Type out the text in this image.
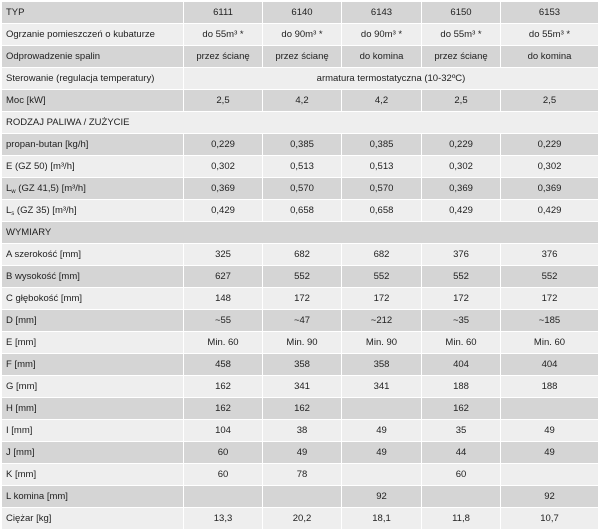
TYP	6111	6140	6143	6150	6153
Ogrzanie pomieszczeń o kubaturze	do 55m³ *	do 90m³ *	do 90m³ *	do 55m³ *	do 55m³ *
Odprowadzenie spalin	przez ścianę	przez ścianę	do komina	przez ścianę	do komina
Sterowanie (regulacja temperatury)	armatura termostatyczna (10-32ºC)				
Moc [kW]	2,5	4,2	4,2	2,5	2,5
RODZAJ PALIWA / ZUŻYCIE					
propan-butan [kg/h]	0,229	0,385	0,385	0,229	0,229
E (GZ 50) [m³/h]	0,302	0,513	0,513	0,302	0,302
$L_w$ (GZ 41,5) [m³/h]	0,369	0,570	0,570	0,369	0,369
$L_s$ (GZ 35) [m³/h]	0,429	0,658	0,658	0,429	0,429
WYMIARY					
A szerokość [mm]	325	682	682	376	376
B wysokość [mm]	627	552	552	552	552
C głębokość [mm]	148	172	172	172	172
D [mm]	~55	~47	~212	~35	~185
E [mm]	Min. 60	Min. 90	Min. 90	Min. 60	Min. 60
F [mm]	458	358	358	404	404
G [mm]	162	341	341	188	188
H [mm]	162	162		162	
I [mm]	104	38	49	35	49
J [mm]	60	49	49	44	49
K [mm]	60	78		60	
L komina [mm]			92		92
Ciężar [kg]	13,3	20,2	18,1	11,8	10,7
